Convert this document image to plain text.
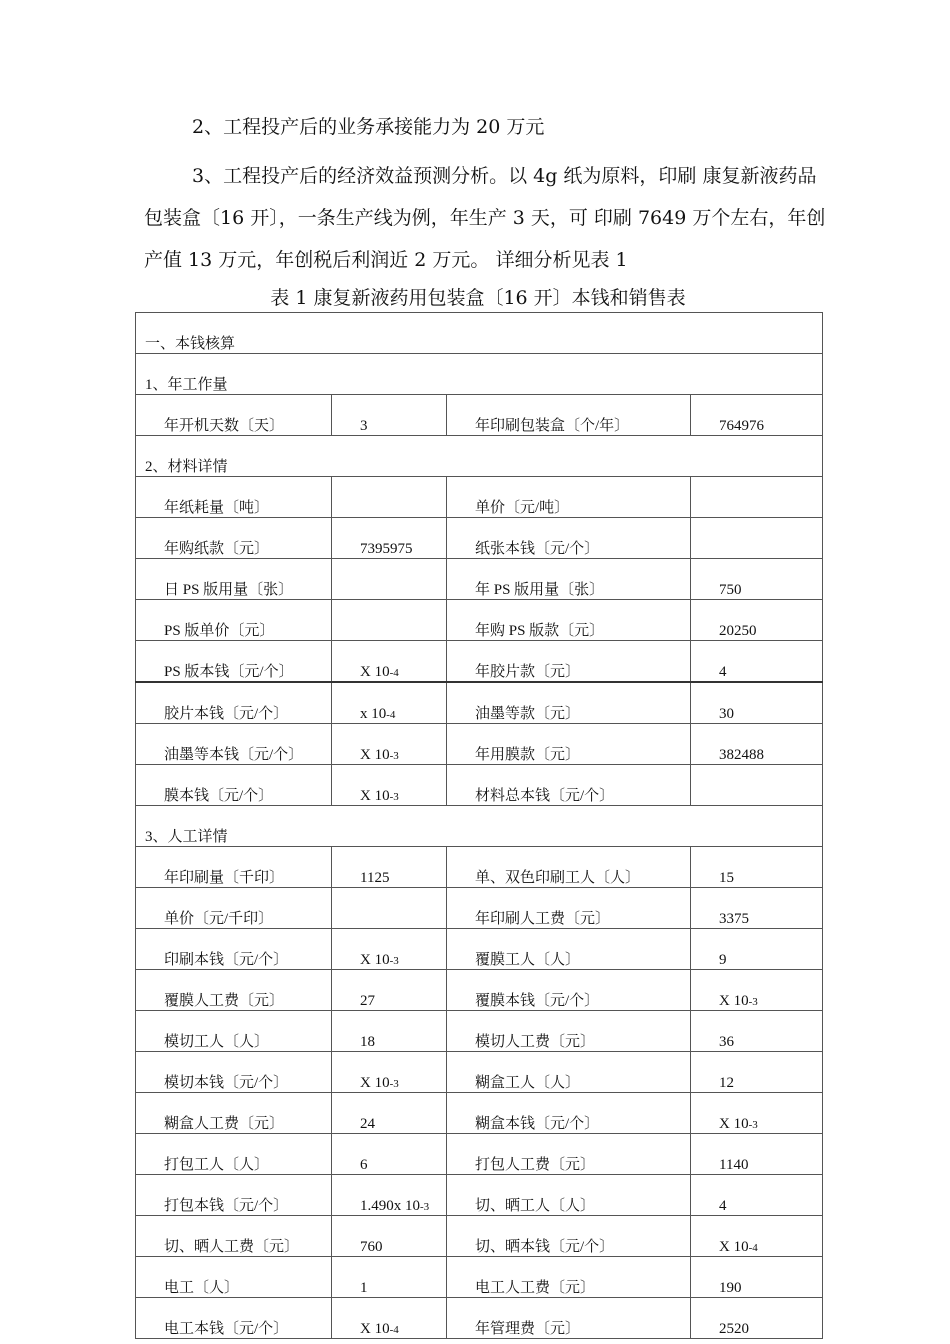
2、工程投产后的业务承接能力为 20 万元

3、工程投产后的经济效益预测分析。以 4g 纸为原料，印刷 康复新液药品包装盒〔16 开〕，一条生产线为例，年生产 3 天，可 印刷 7649 万个左右，年创产值 13 万元，年创税后利润近 2 万元。 详细分析见表 1

表 1 康复新液药用包装盒〔16 开〕本钱和销售表
一、本钱核算			
1、年工作量			
年开机天数〔天〕	3	年印刷包装盒〔个/年〕	764976
2、材料详情			
年纸耗量〔吨〕		单价〔元/吨〕	
年购纸款〔元〕	7395975	纸张本钱〔元/个〕	
日 PS 版用量〔张〕		年 PS 版用量〔张〕	750
PS 版单价〔元〕		年购 PS 版款〔元〕	20250
PS 版本钱〔元/个〕	X 10-4	年胶片款〔元〕	4
胶片本钱〔元/个〕	x 10-4	油墨等款〔元〕	30
油墨等本钱〔元/个〕	X 10-3	年用膜款〔元〕	382488
膜本钱〔元/个〕	X 10-3	材料总本钱〔元/个〕	
3、人工详情			
年印刷量〔千印〕	1125	单、双色印刷工人〔人〕	15
单价〔元/千印〕		年印刷人工费〔元〕	3375
印刷本钱〔元/个〕	X 10-3	覆膜工人〔人〕	9
覆膜人工费〔元〕	27	覆膜本钱〔元/个〕	X 10-3
模切工人〔人〕	18	模切人工费〔元〕	36
模切本钱〔元/个〕	X 10-3	糊盒工人〔人〕	12
糊盒人工费〔元〕	24	糊盒本钱〔元/个〕	X 10-3
打包工人〔人〕	6	打包人工费〔元〕	1140
打包本钱〔元/个〕	1.490x 10-3	切、晒工人〔人〕	4
切、晒人工费〔元〕	760	切、晒本钱〔元/个〕	X 10-4
电工〔人〕	1	电工人工费〔元〕	190
电工本钱〔元/个〕	X 10-4	年管理费〔元〕	2520
